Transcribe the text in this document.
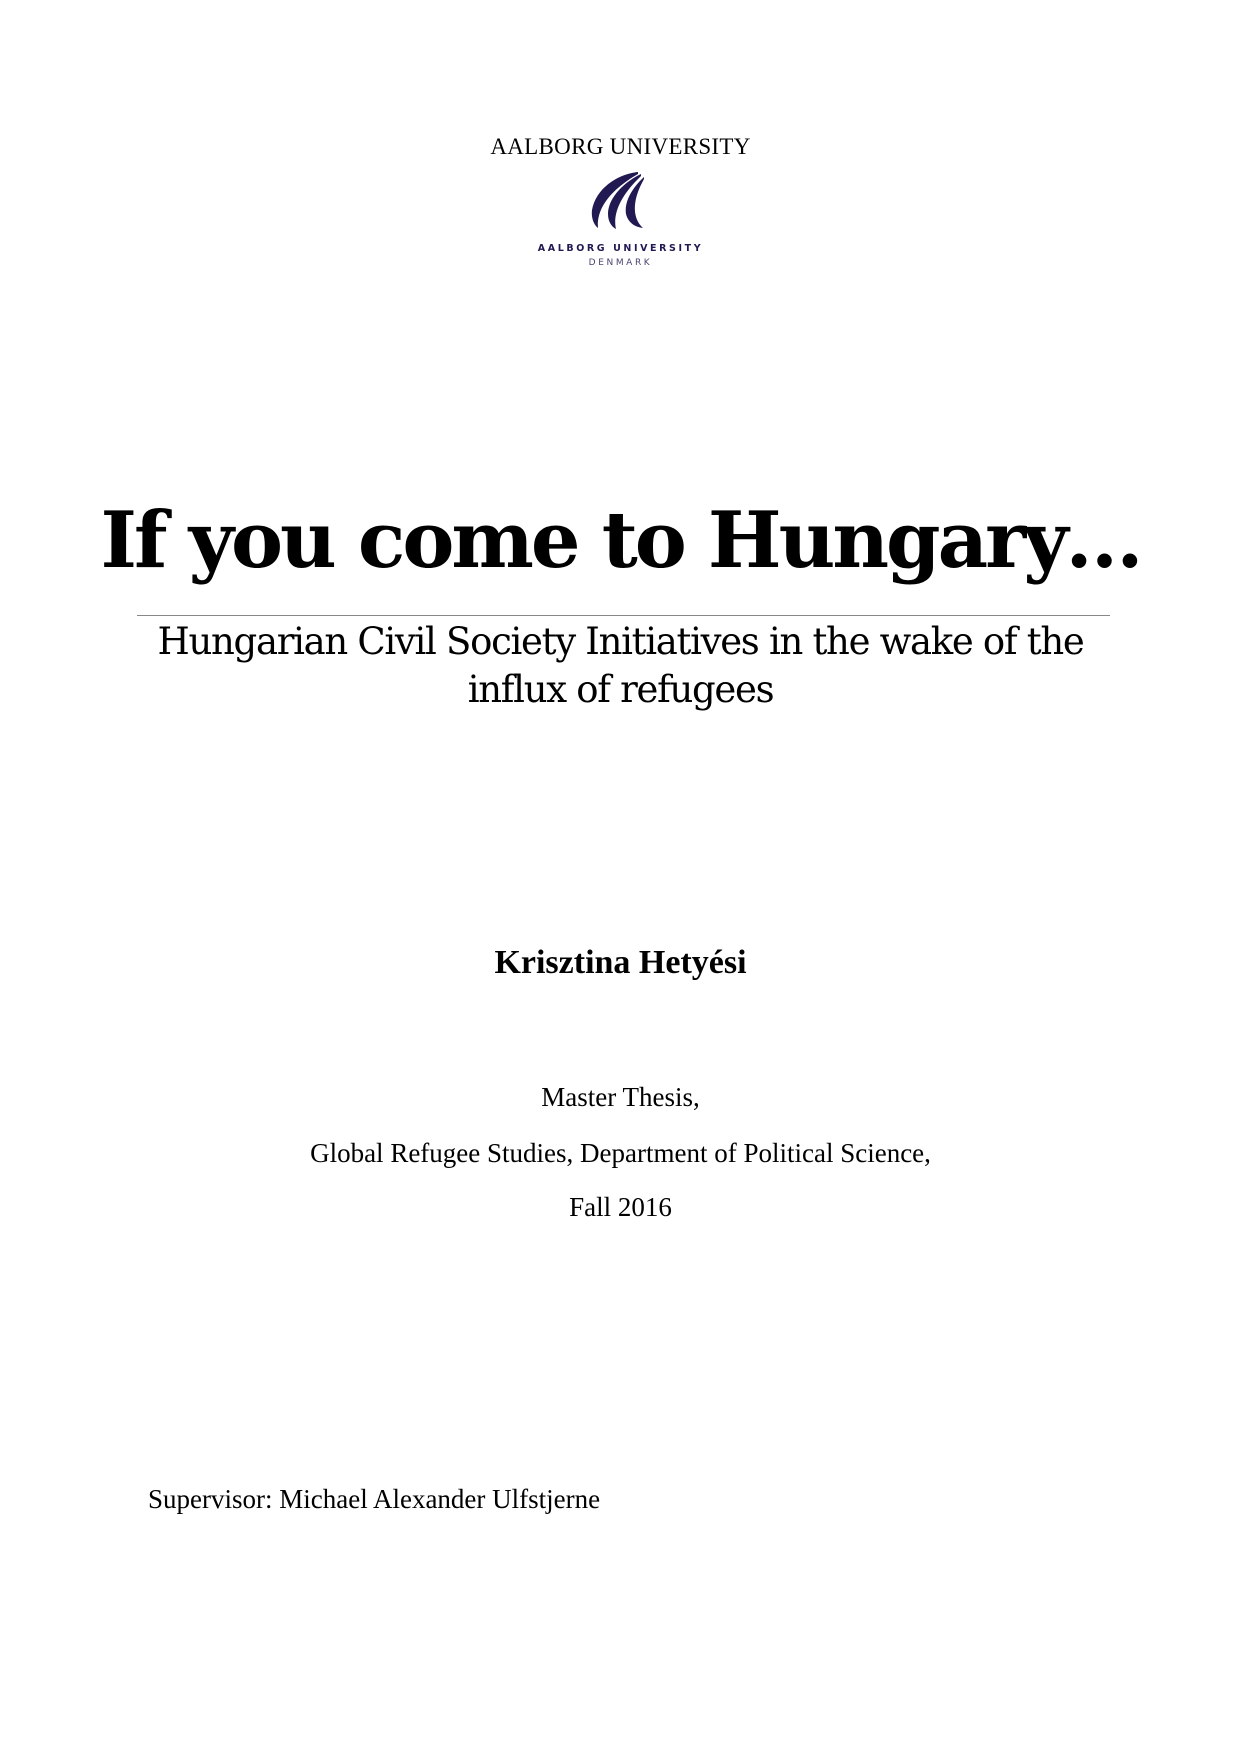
AALBORG UNIVERSITY
AALBORG UNIVERSITY
DENMARK
If you come to Hungary…
Hungarian Civil Society Initiatives in the wake of the
influx of refugees
Krisztina Hetyési
Master Thesis,
Global Refugee Studies, Department of Political Science,
Fall 2016
Supervisor: Michael Alexander Ulfstjerne
